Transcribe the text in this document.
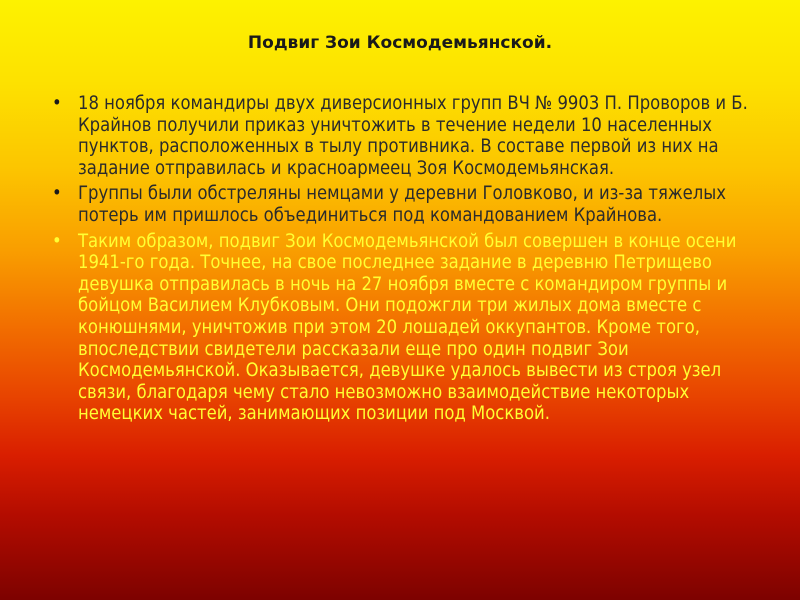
Подвиг Зои Космодемьянской.
• 18 ноября командиры двух диверсионных групп ВЧ № 9903 П. Проворов и Б. Крайнов получили приказ уничтожить в течение недели 10 населенных пунктов, расположенных в тылу противника. В составе первой из них на задание отправилась и красноармеец Зоя Космодемьянская.
• Группы были обстреляны немцами у деревни Головково, и из-за тяжелых потерь им пришлось объединиться под командованием Крайнова.
• Таким образом, подвиг Зои Космодемьянской был совершен в конце осени 1941-го года. Точнее, на свое последнее задание в деревню Петрищево девушка отправилась в ночь на 27 ноября вместе с командиром группы и бойцом Василием Клубковым. Они подожгли три жилых дома вместе с конюшнями, уничтожив при этом 20 лошадей оккупантов. Кроме того, впоследствии свидетели рассказали еще про один подвиг Зои Космодемьянской. Оказывается, девушке удалось вывести из строя узел связи, благодаря чему стало невозможно взаимодействие некоторых немецких частей, занимающих позиции под Москвой.
